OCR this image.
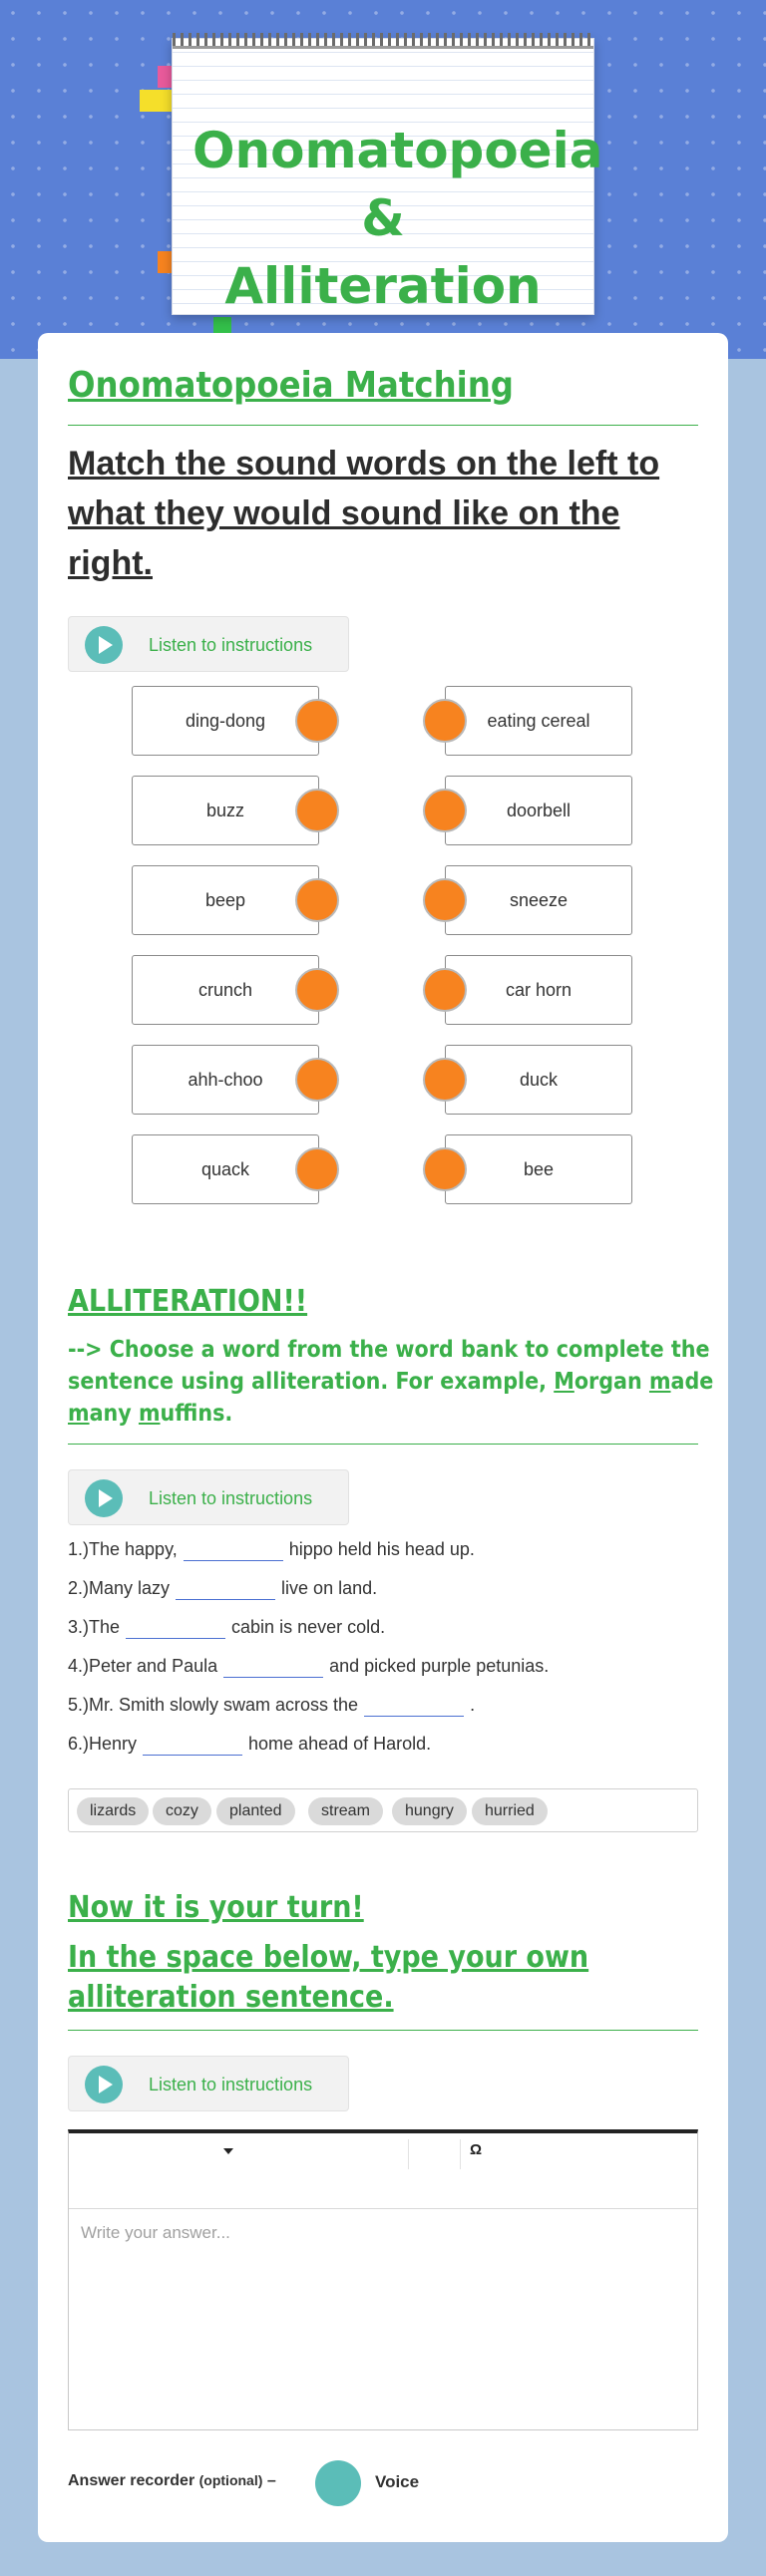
Onomatopoeia &
Alliteration
Onomatopoeia Matching
Match the sound words on the left to what they would sound like on the right.
Listen to instructions
ding-dong	eating cereal
buzz	doorbell
beep	sneeze
crunch	car horn
ahh-choo	duck
quack	bee
ALLITERATION!!
--> Choose a word from the word bank to complete the sentence using alliteration. For example, Morgan made many muffins.
Listen to instructions
1.)The happy,	hippo held his head up.
2.)Many lazy	live on land.
3.)The	cabin is never cold.
4.)Peter and Paula	and picked purple petunias.
5.)Mr. Smith slowly swam across the	.
6.)Henry	home ahead of Harold.
lizards	cozy	planted	stream	hungry	hurried
Now it is your turn!
In the space below, type your own alliteration sentence.
Listen to instructions
Ω
Write your answer...
Answer recorder (optional) –	Voice
